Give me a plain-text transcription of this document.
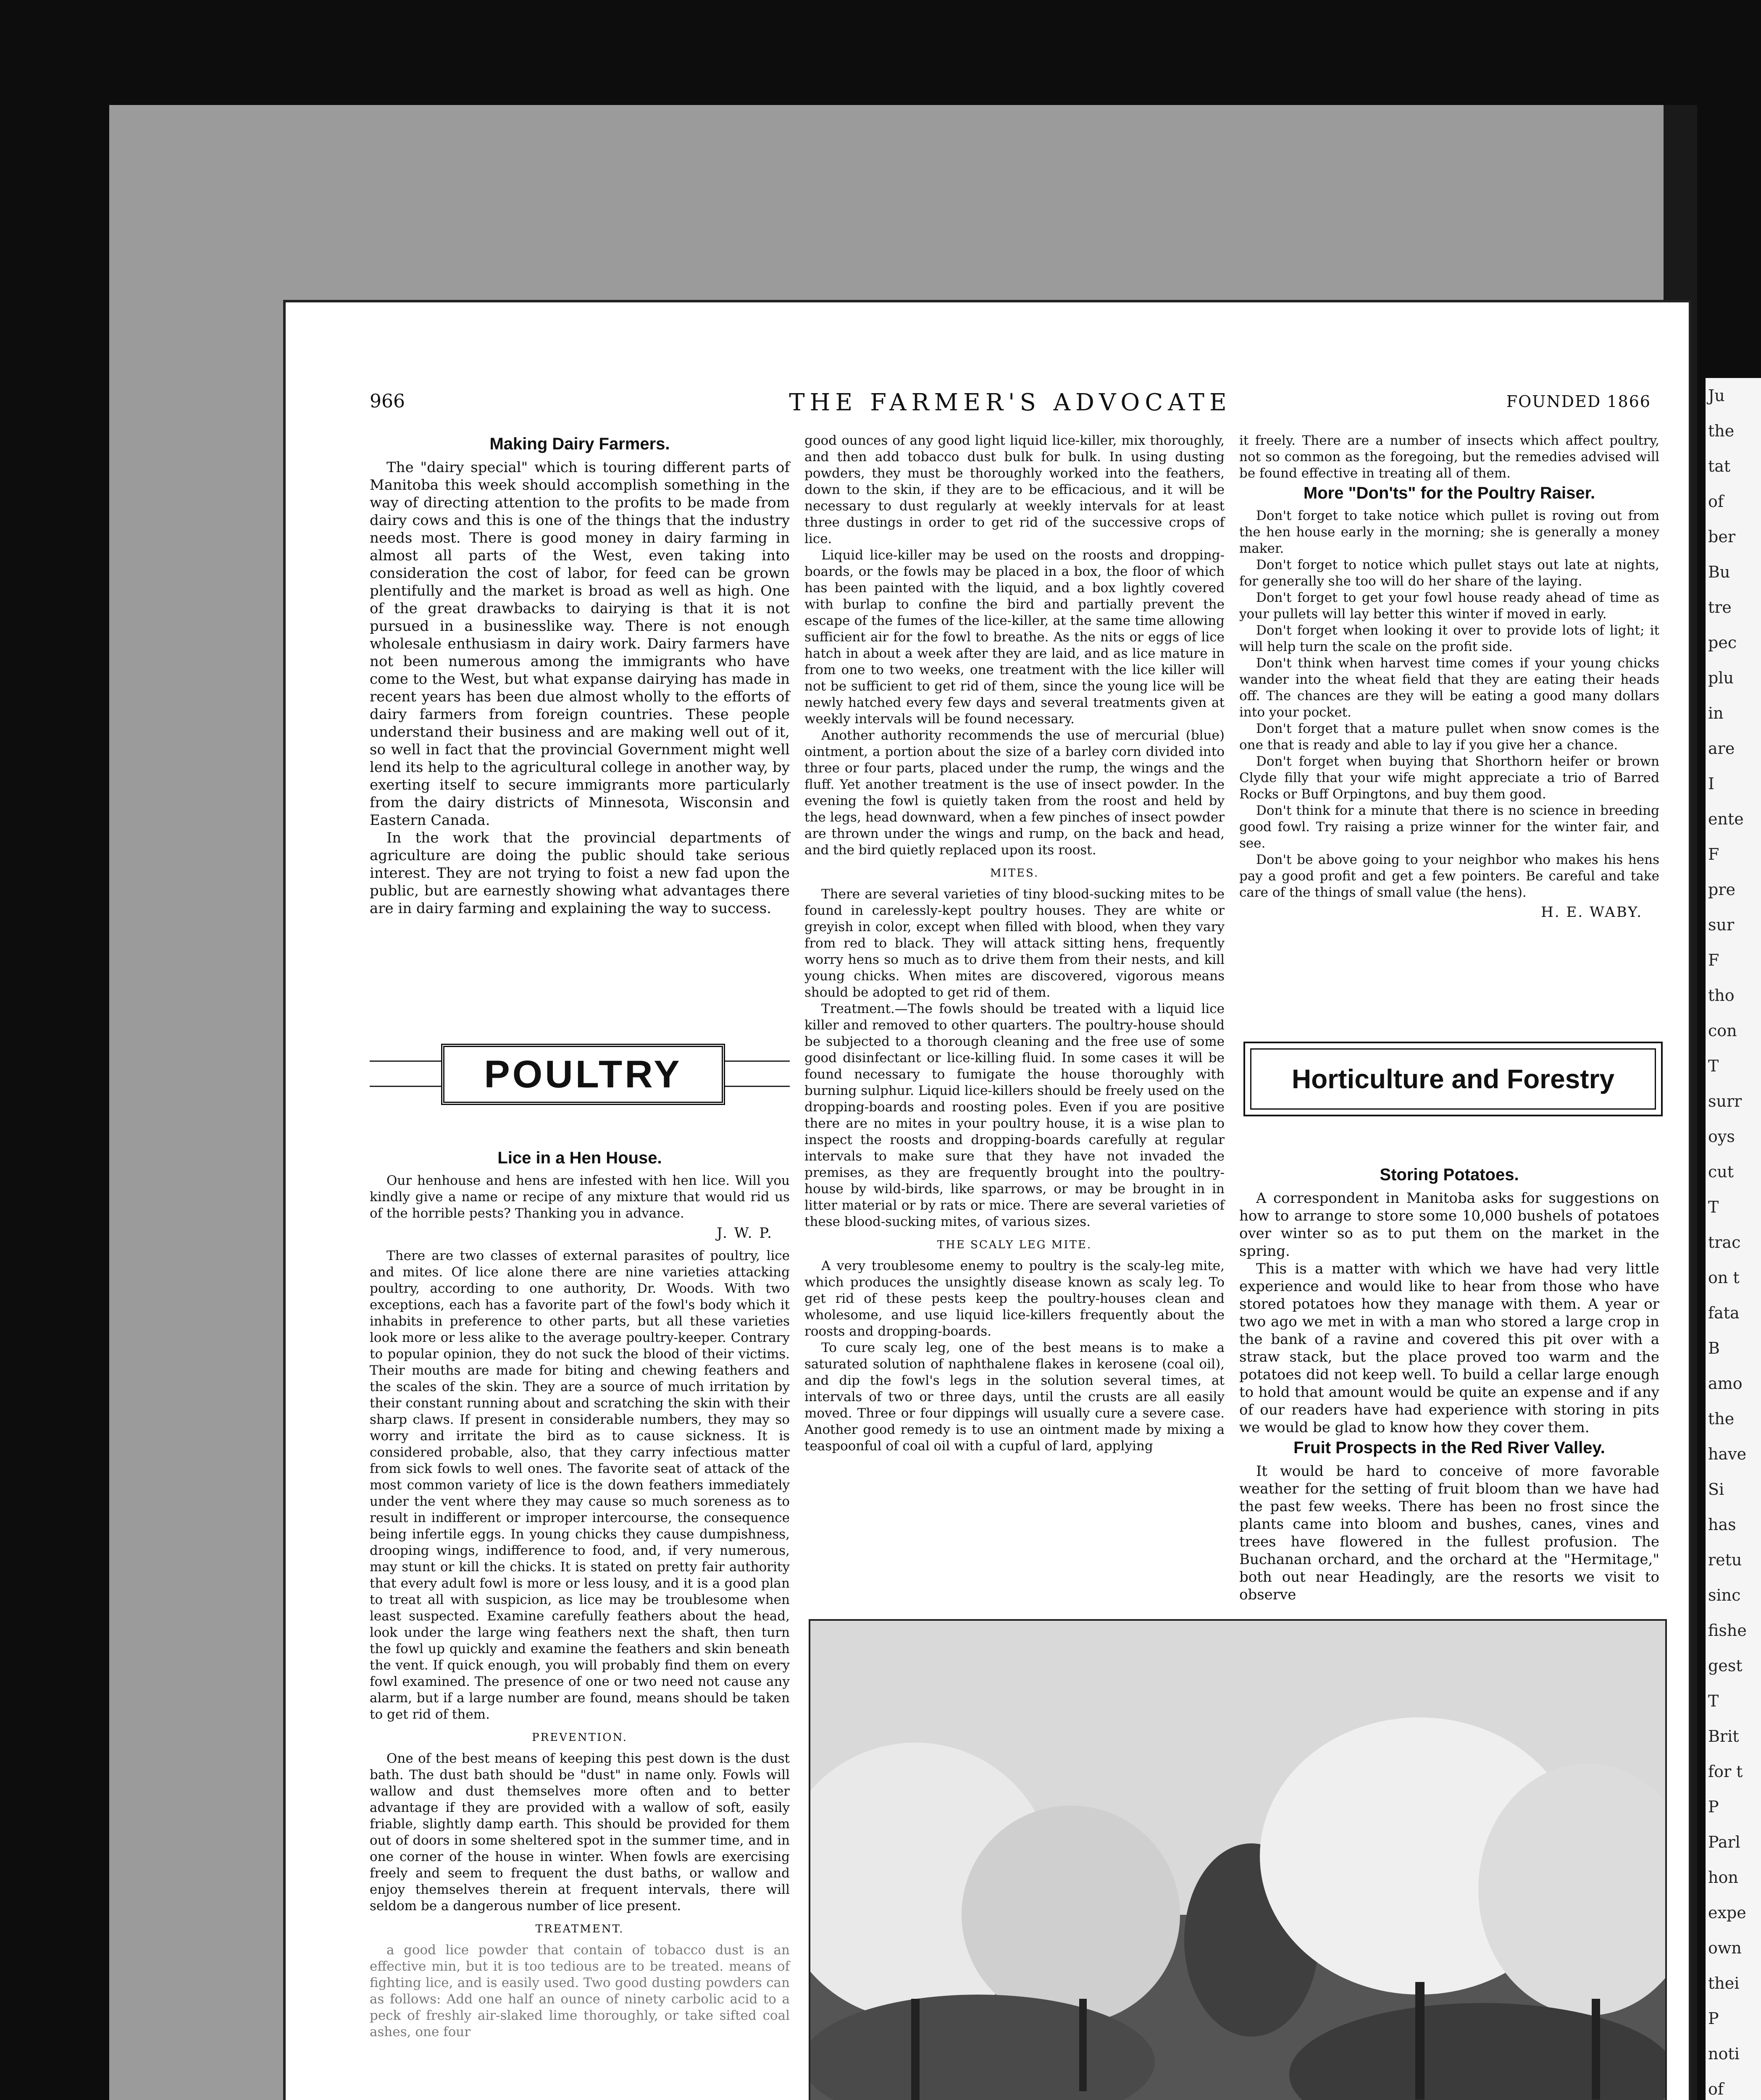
Ju
the
tat
of
ber
Bu
tre
pec
plu
in
are
I
ente
F
pre
sur
F
tho
con
T
surr
oys
cut
T
trac
on t
fata
B
amo
the
have
Si
has
retu
sinc
fishe
gest
T
Brit
for t
P
Parl
hon
expe
own
thei
P
noti
of
966	THE FARMER'S ADVOCATE	FOUNDED 1866
Making Dairy Farmers.

The "dairy special" which is touring different parts of Manitoba this week should accomplish something in the way of directing attention to the profits to be made from dairy cows and this is one of the things that the industry needs most. There is good money in dairy farming in almost all parts of the West, even taking into consideration the cost of labor, for feed can be grown plentifully and the market is broad as well as high. One of the great drawbacks to dairying is that it is not pursued in a businesslike way. There is not enough wholesale enthusiasm in dairy work. Dairy farmers have not been numerous among the immigrants who have come to the West, but what expanse dairying has made in recent years has been due almost wholly to the efforts of dairy farmers from foreign countries. These people understand their business and are making well out of it, so well in fact that the provincial Government might well lend its help to the agricultural college in another way, by exerting itself to secure immigrants more particularly from the dairy districts of Minnesota, Wisconsin and Eastern Canada.

In the work that the provincial departments of agriculture are doing the public should take serious interest. They are not trying to foist a new fad upon the public, but are earnestly showing what advantages there are in dairy farming and explaining the way to success.

POULTRY
Lice in a Hen House.

Our henhouse and hens are infested with hen lice. Will you kindly give a name or recipe of any mixture that would rid us of the horrible pests? Thanking you in advance.

J. W. P.

There are two classes of external parasites of poultry, lice and mites. Of lice alone there are nine varieties attacking poultry, according to one authority, Dr. Woods. With two exceptions, each has a favorite part of the fowl's body which it inhabits in preference to other parts, but all these varieties look more or less alike to the average poultry-keeper. Contrary to popular opinion, they do not suck the blood of their victims. Their mouths are made for biting and chewing feathers and the scales of the skin. They are a source of much irritation by their constant running about and scratching the skin with their sharp claws. If present in considerable numbers, they may so worry and irritate the bird as to cause sickness. It is considered probable, also, that they carry infectious matter from sick fowls to well ones. The favorite seat of attack of the most common variety of lice is the down feathers immediately under the vent where they may cause so much soreness as to result in indifferent or improper intercourse, the consequence being infertile eggs. In young chicks they cause dumpishness, drooping wings, indifference to food, and, if very numerous, may stunt or kill the chicks. It is stated on pretty fair authority that every adult fowl is more or less lousy, and it is a good plan to treat all with suspicion, as lice may be troublesome when least suspected. Examine carefully feathers about the head, look under the large wing feathers next the shaft, then turn the fowl up quickly and examine the feathers and skin beneath the vent. If quick enough, you will probably find them on every fowl examined. The presence of one or two need not cause any alarm, but if a large number are found, means should be taken to get rid of them.

PREVENTION.

One of the best means of keeping this pest down is the dust bath. The dust bath should be "dust" in name only. Fowls will wallow and dust themselves more often and to better advantage if they are provided with a wallow of soft, easily friable, slightly damp earth. This should be provided for them out of doors in some sheltered spot in the summer time, and in one corner of the house in winter. When fowls are exercising freely and seem to frequent the dust baths, or wallow and enjoy themselves therein at frequent intervals, there will seldom be a dangerous number of lice present.

TREATMENT.

a good lice powder that contain of tobacco dust is an effective min, but it is too tedious are to be treated. means of fighting lice, and is easily used. Two good dusting powders can as follows: Add one half an ounce of ninety carbolic acid to a peck of freshly air-slaked lime thoroughly, or take sifted coal ashes, one four

good ounces of any good light liquid lice-killer, mix thoroughly, and then add tobacco dust bulk for bulk. In using dusting powders, they must be thoroughly worked into the feathers, down to the skin, if they are to be efficacious, and it will be necessary to dust regularly at weekly intervals for at least three dustings in order to get rid of the successive crops of lice.

Liquid lice-killer may be used on the roosts and dropping-boards, or the fowls may be placed in a box, the floor of which has been painted with the liquid, and a box lightly covered with burlap to confine the bird and partially prevent the escape of the fumes of the lice-killer, at the same time allowing sufficient air for the fowl to breathe. As the nits or eggs of lice hatch in about a week after they are laid, and as lice mature in from one to two weeks, one treatment with the lice killer will not be sufficient to get rid of them, since the young lice will be newly hatched every few days and several treatments given at weekly intervals will be found necessary.

Another authority recommends the use of mercurial (blue) ointment, a portion about the size of a barley corn divided into three or four parts, placed under the rump, the wings and the fluff. Yet another treatment is the use of insect powder. In the evening the fowl is quietly taken from the roost and held by the legs, head downward, when a few pinches of insect powder are thrown under the wings and rump, on the back and head, and the bird quietly replaced upon its roost.

MITES.

There are several varieties of tiny blood-sucking mites to be found in carelessly-kept poultry houses. They are white or greyish in color, except when filled with blood, when they vary from red to black. They will attack sitting hens, frequently worry hens so much as to drive them from their nests, and kill young chicks. When mites are discovered, vigorous means should be adopted to get rid of them.

Treatment.—The fowls should be treated with a liquid lice killer and removed to other quarters. The poultry-house should be subjected to a thorough cleaning and the free use of some good disinfectant or lice-killing fluid. In some cases it will be found necessary to fumigate the house thoroughly with burning sulphur. Liquid lice-killers should be freely used on the dropping-boards and roosting poles. Even if you are positive there are no mites in your poultry house, it is a wise plan to inspect the roosts and dropping-boards carefully at regular intervals to make sure that they have not invaded the premises, as they are frequently brought into the poultry-house by wild-birds, like sparrows, or may be brought in in litter material or by rats or mice. There are several varieties of these blood-sucking mites, of various sizes.

THE SCALY LEG MITE.

A very troublesome enemy to poultry is the scaly-leg mite, which produces the unsightly disease known as scaly leg. To get rid of these pests keep the poultry-houses clean and wholesome, and use liquid lice-killers frequently about the roosts and dropping-boards.

To cure scaly leg, one of the best means is to make a saturated solution of naphthalene flakes in kerosene (coal oil), and dip the fowl's legs in the solution several times, at intervals of two or three days, until the crusts are all easily moved. Three or four dippings will usually cure a severe case. Another good remedy is to use an ointment made by mixing a teaspoonful of coal oil with a cupful of lard, applying

it freely. There are a number of insects which affect poultry, not so common as the foregoing, but the remedies advised will be found effective in treating all of them.

More "Don'ts" for the Poultry Raiser.

Don't forget to take notice which pullet is roving out from the hen house early in the morning; she is generally a money maker.

Don't forget to notice which pullet stays out late at nights, for generally she too will do her share of the laying.

Don't forget to get your fowl house ready ahead of time as your pullets will lay better this winter if moved in early.

Don't forget when looking it over to provide lots of light; it will help turn the scale on the profit side.

Don't think when harvest time comes if your young chicks wander into the wheat field that they are eating their heads off. The chances are they will be eating a good many dollars into your pocket.

Don't forget that a mature pullet when snow comes is the one that is ready and able to lay if you give her a chance.

Don't forget when buying that Shorthorn heifer or brown Clyde filly that your wife might appreciate a trio of Barred Rocks or Buff Orpingtons, and buy them good.

Don't think for a minute that there is no science in breeding good fowl. Try raising a prize winner for the winter fair, and see.

Don't be above going to your neighbor who makes his hens pay a good profit and get a few pointers. Be careful and take care of the things of small value (the hens).

H. E. WABY.
Horticulture and Forestry
Storing Potatoes.

A correspondent in Manitoba asks for suggestions on how to arrange to store some 10,000 bushels of potatoes over winter so as to put them on the market in the spring.

This is a matter with which we have had very little experience and would like to hear from those who have stored potatoes how they manage with them. A year or two ago we met in with a man who stored a large crop in the bank of a ravine and covered this pit over with a straw stack, but the place proved too warm and the potatoes did not keep well. To build a cellar large enough to hold that amount would be quite an expense and if any of our readers have had experience with storing in pits we would be glad to know how they cover them.

Fruit Prospects in the Red River Valley.

It would be hard to conceive of more favorable weather for the setting of fruit bloom than we have had the past few weeks. There has been no frost since the plants came into bloom and bushes, canes, vines and trees have flowered in the fullest profusion. The Buchanan orchard, and the orchard at the "Hermitage," both out near Headingly, are the resorts we visit to observe
